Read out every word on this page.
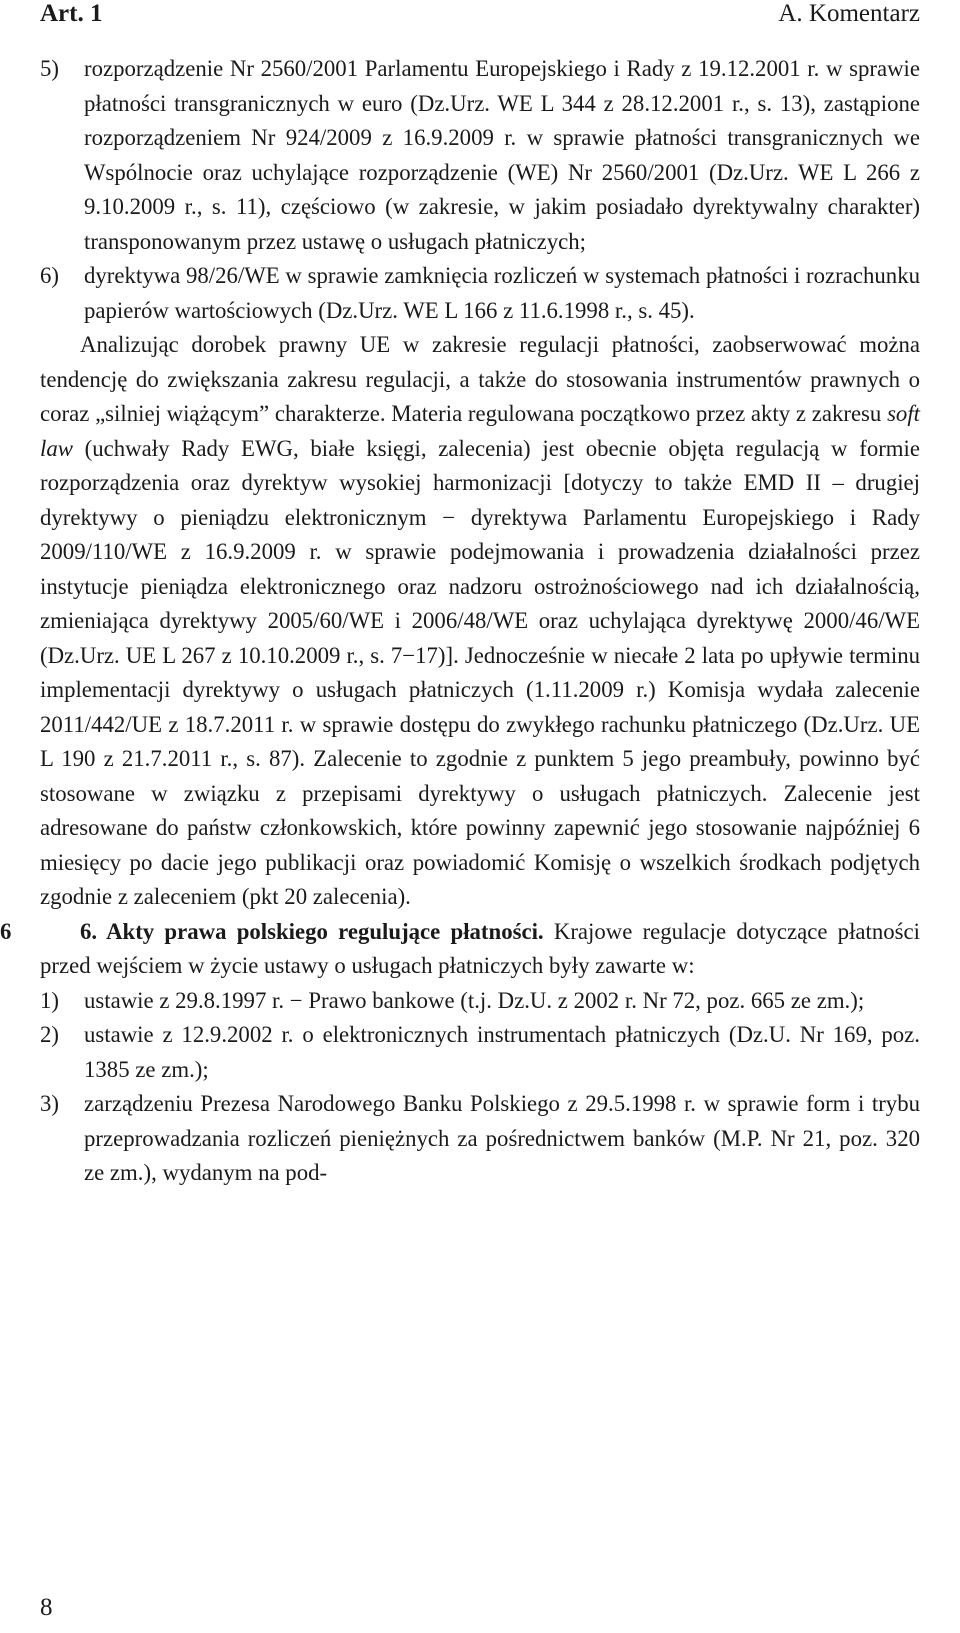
Art. 1	A. Komentarz
5)	rozporządzenie Nr 2560/2001 Parlamentu Europejskiego i Rady z 19.12.2001 r. w sprawie płatności transgranicznych w euro (Dz.Urz. WE L 344 z 28.12.2001 r., s. 13), zastąpione rozporządzeniem Nr 924/2009 z 16.9.2009 r. w sprawie płatności transgranicznych we Wspólnocie oraz uchylające rozporządzenie (WE) Nr 2560/2001 (Dz.Urz. WE L 266 z 9.10.2009 r., s. 11), częściowo (w zakresie, w jakim posiadało dyrektywalny charakter) transponowanym przez ustawę o usługach płatniczych;
6)	dyrektywa 98/26/WE w sprawie zamknięcia rozliczeń w systemach płatności i rozrachunku papierów wartościowych (Dz.Urz. WE L 166 z 11.6.1998 r., s. 45).

Analizując dorobek prawny UE w zakresie regulacji płatności, zaobserwować można tendencję do zwiększania zakresu regulacji, a także do stosowania instrumentów prawnych o coraz „silniej wiążącym” charakterze. Materia regulowana początkowo przez akty z zakresu soft law (uchwały Rady EWG, białe księgi, zalecenia) jest obecnie objęta regulacją w formie rozporządzenia oraz dyrektyw wysokiej harmonizacji [dotyczy to także EMD II – drugiej dyrektywy o pieniądzu elektronicznym − dyrektywa Parlamentu Europejskiego i Rady 2009/110/WE z 16.9.2009 r. w sprawie podejmowania i prowadzenia działalności przez instytucje pieniądza elektronicznego oraz nadzoru ostrożnościowego nad ich działalnością, zmieniająca dyrektywy 2005/60/WE i 2006/48/WE oraz uchylająca dyrektywę 2000/46/WE (Dz.Urz. UE L 267 z 10.10.2009 r., s. 7−17)]. Jednocześnie w niecałe 2 lata po upływie terminu implementacji dyrektywy o usługach płatniczych (1.11.2009 r.) Komisja wydała zalecenie 2011/442/UE z 18.7.2011 r. w sprawie dostępu do zwykłego rachunku płatniczego (Dz.Urz. UE L 190 z 21.7.2011 r., s. 87). Zalecenie to zgodnie z punktem 5 jego preambuły, powinno być stosowane w związku z przepisami dyrektywy o usługach płatniczych. Zalecenie jest adresowane do państw członkowskich, które powinny zapewnić jego stosowanie najpóźniej 6 miesięcy po dacie jego publikacji oraz powiadomić Komisję o wszelkich środkach podjętych zgodnie z zaleceniem (pkt 20 zalecenia).

6	6. Akty prawa polskiego regulujące płatności. Krajowe regulacje dotyczące płatności przed wejściem w życie ustawy o usługach płatniczych były zawarte w:

1)	ustawie z 29.8.1997 r. − Prawo bankowe (t.j. Dz.U. z 2002 r. Nr 72, poz. 665 ze zm.);
2)	ustawie z 12.9.2002 r. o elektronicznych instrumentach płatniczych (Dz.U. Nr 169, poz. 1385 ze zm.);
3)	zarządzeniu Prezesa Narodowego Banku Polskiego z 29.5.1998 r. w sprawie form i trybu przeprowadzania rozliczeń pieniężnych za pośrednictwem banków (M.P. Nr 21, poz. 320 ze zm.), wydanym na pod-
8
